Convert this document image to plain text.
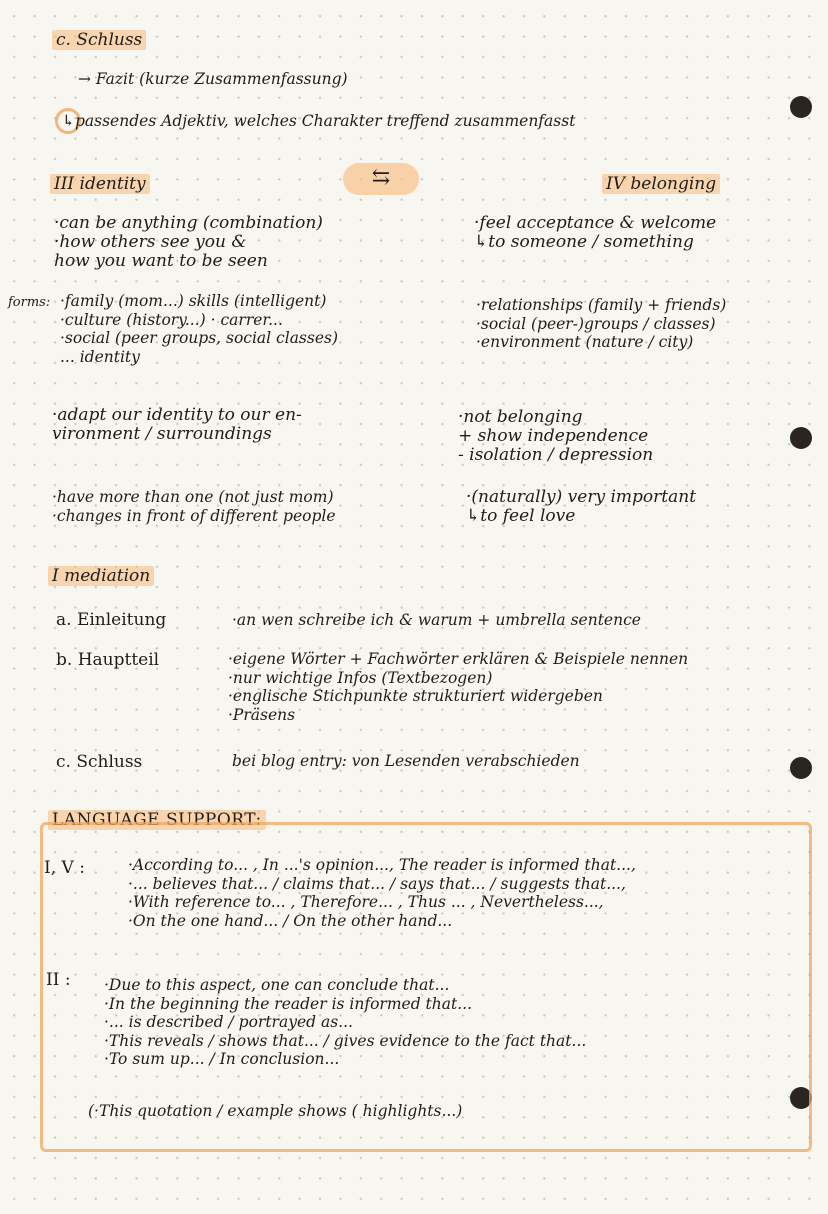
c. Schluss
→ Fazit (kurze Zusammenfassung)
↳passendes Adjektiv, welches Charakter treffend zusammenfasst
III identity	⇆
·can be anything (combination)
·how others see you &
how you want to be seen
forms: ·family (mom...) skills (intelligent)
·culture (history...) · carrer...
·social (peer groups, social classes)
... identity
·adapt our identity to our en-
vironment / surroundings
·have more than one (not just mom)
·changes in front of different people
IV belonging
·feel acceptance & welcome
↳to someone / something
·relationships (family + friends)
·social (peer-)groups / classes)
·environment (nature / city)
·not belonging
+ show independence
- isolation / depression
·(naturally) very important
↳to feel love
I mediation
a. Einleitung	·an wen schreibe ich & warum + umbrella sentence
b. Hauptteil	·eigene Wörter + Fachwörter erklären & Beispiele nennen
·nur wichtige Infos (Textbezogen)
·englische Stichpunkte strukturiert widergeben
·Präsens
c. Schluss	bei blog entry: von Lesenden verabschieden
LANGUAGE SUPPORT:
I, V :	·According to... , In ...'s opinion..., The reader is informed that...,
·... believes that... / claims that... / says that... / suggests that...,
·With reference to... , Therefore... , Thus ... , Nevertheless...,
·On the one hand... / On the other hand...
II : ·Due to this aspect, one can conclude that...
·In the beginning the reader is informed that...
·... is described / portrayed as...
·This reveals / shows that... / gives evidence to the fact that...
·To sum up... / In conclusion...
(·This quotation / example shows ( highlights...)
